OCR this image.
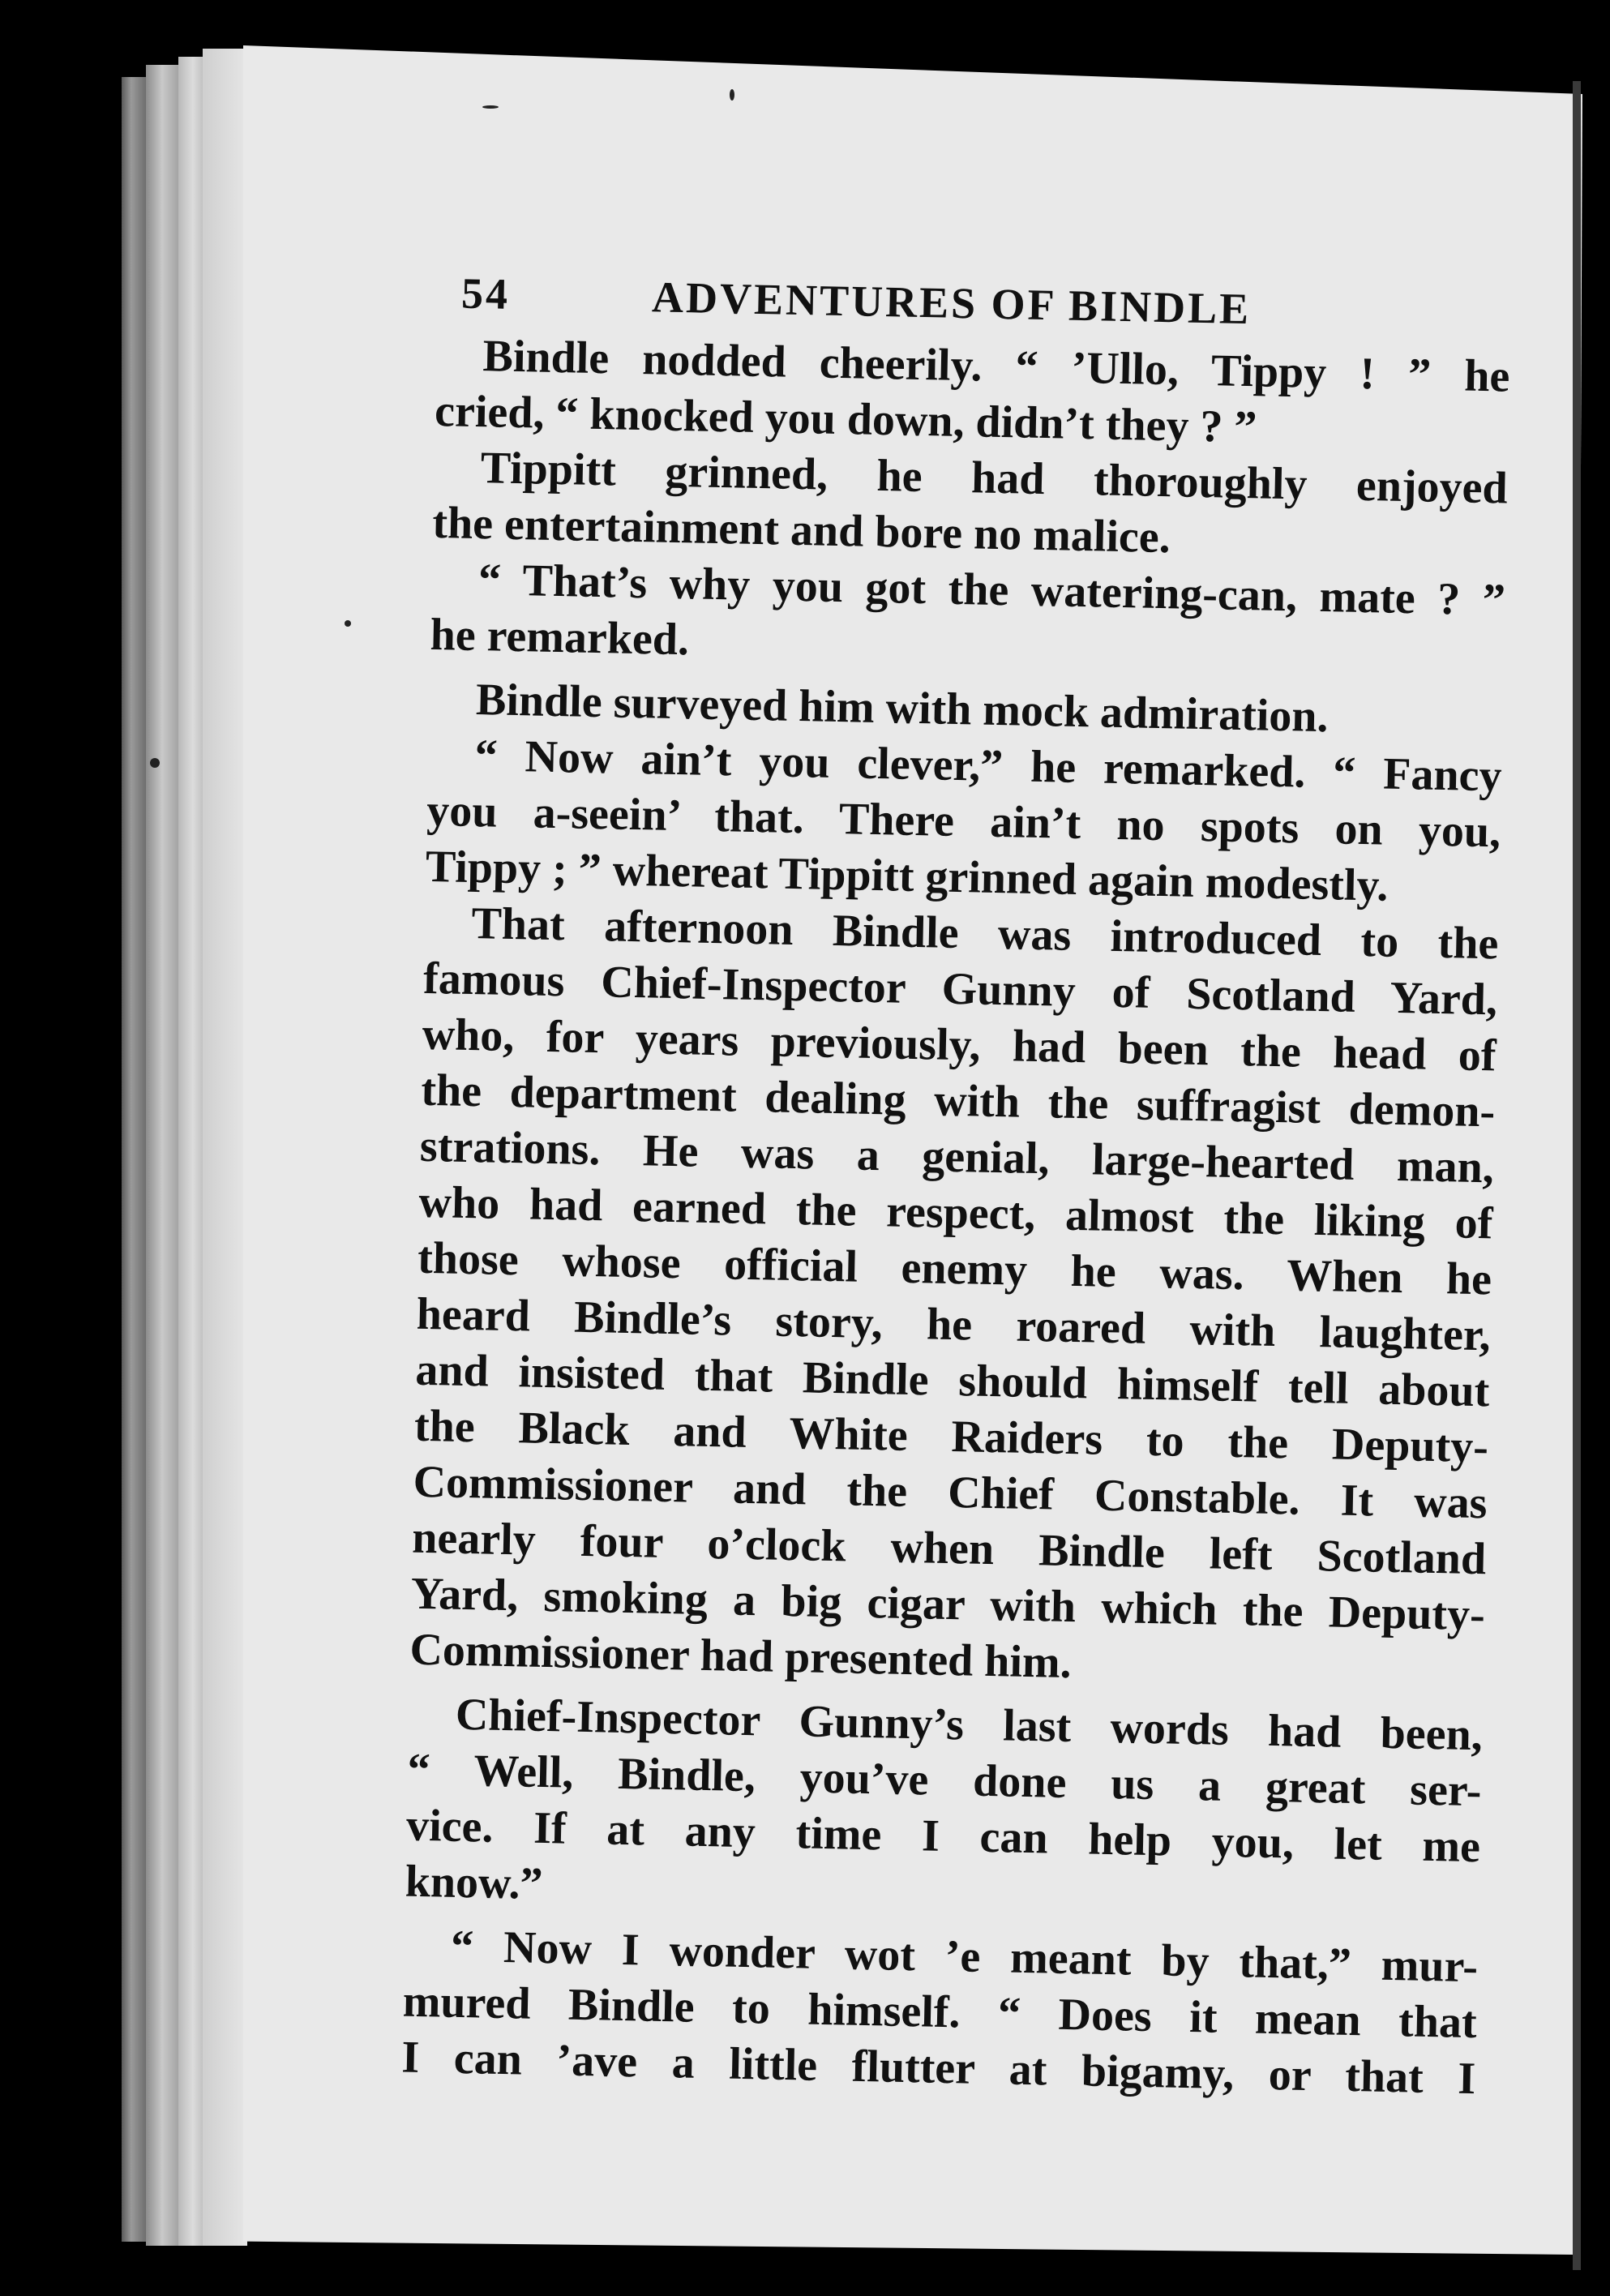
54	ADVENTURES OF BINDLE
Bindle nodded cheerily. “ ’Ullo, Tippy ! ” he
cried, “ knocked you down, didn’t they ? ”
Tippitt grinned, he had thoroughly enjoyed
the entertainment and bore no malice.
“ That’s why you got the watering-can, mate ? ”
he remarked.
Bindle surveyed him with mock admiration.
“ Now ain’t you clever,” he remarked. “ Fancy
you a-seein’ that. There ain’t no spots on you,
Tippy ; ” whereat Tippitt grinned again modestly.
That afternoon Bindle was introduced to the
famous Chief-Inspector Gunny of Scotland Yard,
who, for years previously, had been the head of
the department dealing with the suffragist demon-
strations. He was a genial, large-hearted man,
who had earned the respect, almost the liking of
those whose official enemy he was. When he
heard Bindle’s story, he roared with laughter,
and insisted that Bindle should himself tell about
the Black and White Raiders to the Deputy-
Commissioner and the Chief Constable. It was
nearly four o’clock when Bindle left Scotland
Yard, smoking a big cigar with which the Deputy-
Commissioner had presented him.
Chief-Inspector Gunny’s last words had been,
“ Well, Bindle, you’ve done us a great ser-
vice. If at any time I can help you, let me
know.”
“ Now I wonder wot ’e meant by that,” mur-
mured Bindle to himself. “ Does it mean that
I can ’ave a little flutter at bigamy, or that I
